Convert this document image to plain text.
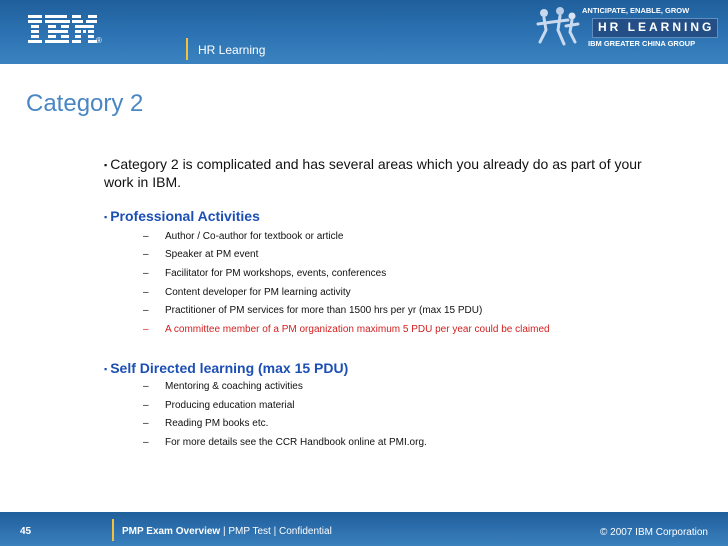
®
HR Learning
ANTICIPATE, ENABLE, GROW
HR LEARNING
IBM GREATER CHINA GROUP
Category 2
▪ Category 2 is complicated and has several areas which you already do as part of your work in IBM.
▪ Professional Activities
– Author / Co-author for textbook or article
– Speaker at PM event
– Facilitator for PM workshops, events, conferences
– Content developer for PM learning activity
– Practitioner of PM services for more than 1500 hrs per yr (max 15 PDU)
– A committee member of a PM organization maximum 5 PDU per year could be claimed
▪ Self Directed learning (max 15 PDU)
– Mentoring & coaching activities
– Producing education material
– Reading PM books etc.
– For more details see the CCR Handbook online at PMI.org.
45	PMP Exam Overview | PMP Test | Confidential	© 2007 IBM Corporation
